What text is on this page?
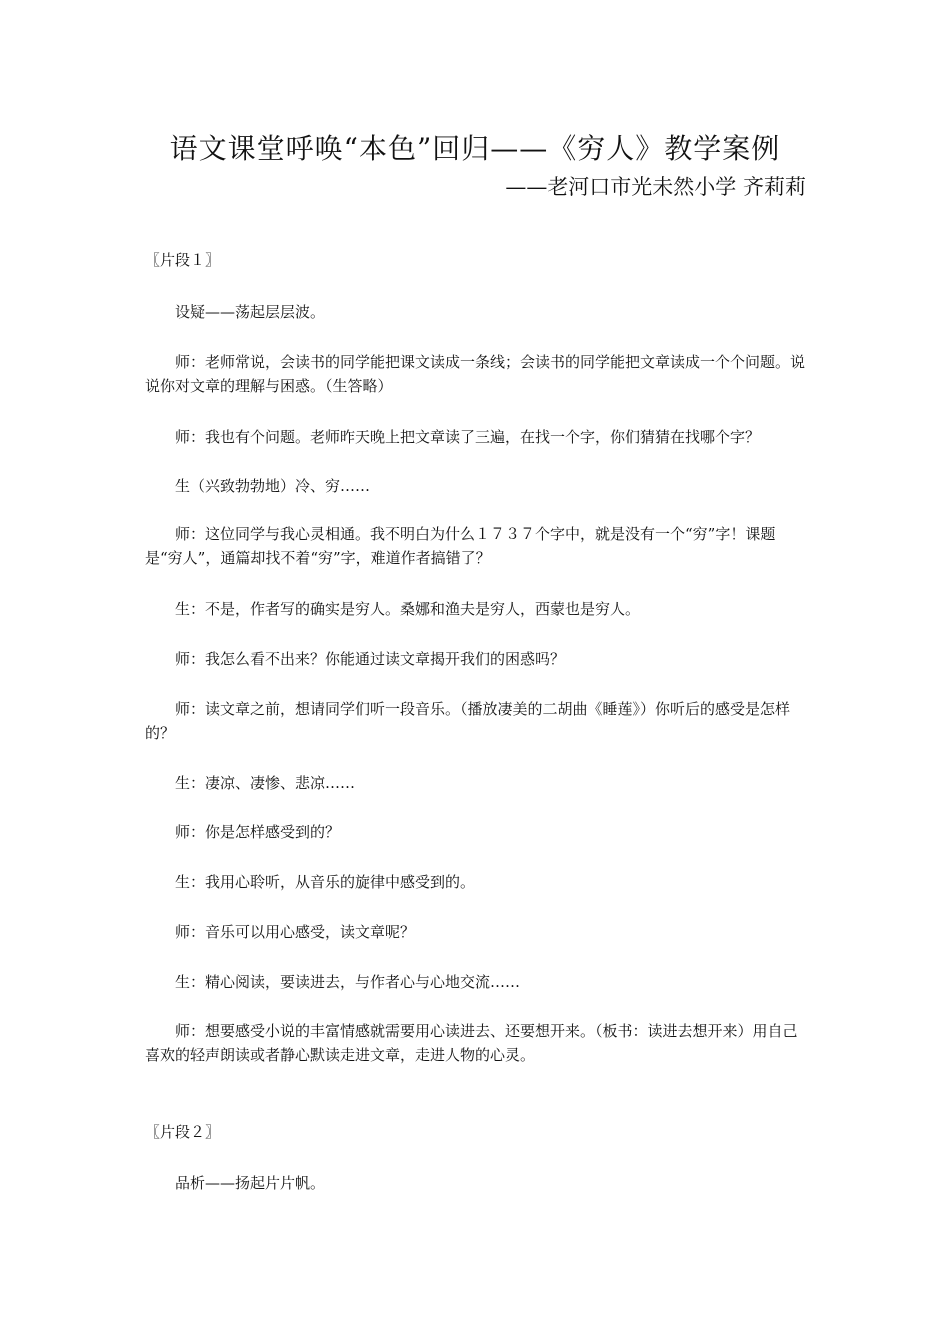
语文课堂呼唤“本色”回归——《穷人》教学案例
——老河口市光未然小学 齐莉莉

〖片段１〗

设疑——荡起层层波。

师：老师常说，会读书的同学能把课文读成一条线；会读书的同学能把文章读成一个个问题。说说你对文章的理解与困惑。（生答略）

师：我也有个问题。老师昨天晚上把文章读了三遍，在找一个字，你们猜猜在找哪个字？

生（兴致勃勃地）冷、穷……

师：这位同学与我心灵相通。我不明白为什么１７３７个字中，就是没有一个“穷”字！课题是“穷人”，通篇却找不着“穷”字，难道作者搞错了？

生：不是，作者写的确实是穷人。桑娜和渔夫是穷人，西蒙也是穷人。

师：我怎么看不出来？你能通过读文章揭开我们的困惑吗？

师：读文章之前，想请同学们听一段音乐。（播放凄美的二胡曲《睡莲》）你听后的感受是怎样的？

生：凄凉、凄惨、悲凉……

师：你是怎样感受到的？

生：我用心聆听，从音乐的旋律中感受到的。

师：音乐可以用心感受，读文章呢？

生：精心阅读，要读进去，与作者心与心地交流……

师：想要感受小说的丰富情感就需要用心读进去、还要想开来。（板书：读进去想开来）用自己喜欢的轻声朗读或者静心默读走进文章，走进人物的心灵。

〖片段２〗

品析——扬起片片帆。
